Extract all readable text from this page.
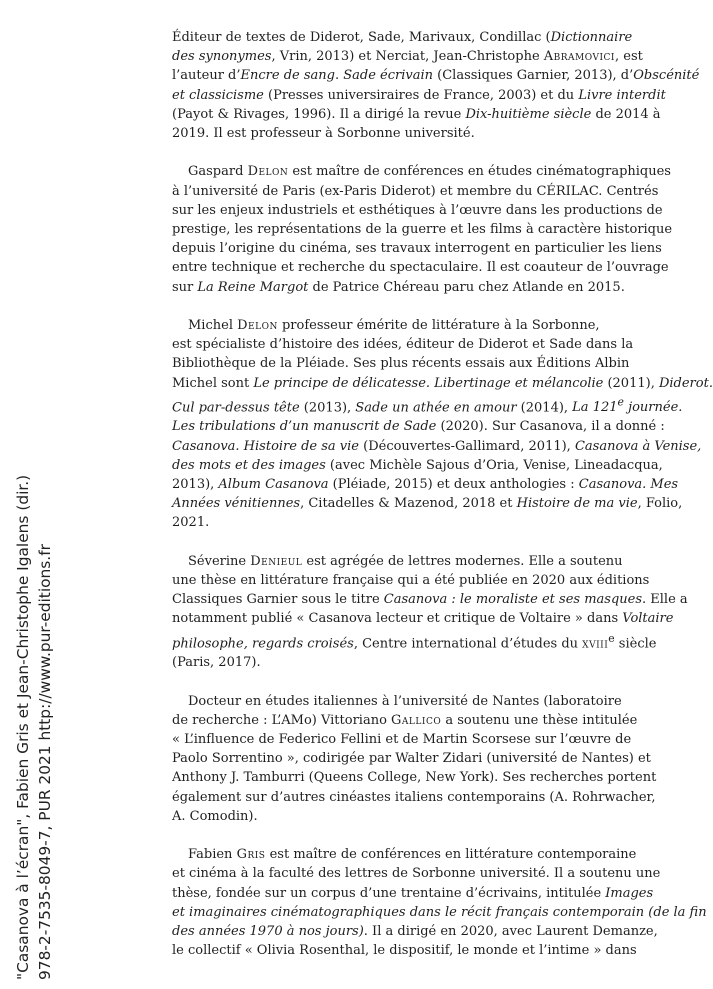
"Casanova à l’écran", Fabien Gris et Jean-Christophe Igalens (dir.) 978-2-7535-8049-7, PUR 2021 http://www.pur-editions.fr
Éditeur de textes de Diderot, Sade, Marivaux, Condillac (Dictionnaire
des synonymes, Vrin, 2013) et Nerciat, Jean-Christophe Abramovici, est
l’auteur d’Encre de sang. Sade écrivain (Classiques Garnier, 2013), d’Obscénité
et classicisme (Presses universiraires de France, 2003) et du Livre interdit
(Payot & Rivages, 1996). Il a dirigé la revue Dix-huitième siècle de 2014 à
2019. Il est professeur à Sorbonne université.
Gaspard Delon est maître de conférences en études cinématographiques
à l’université de Paris (ex-Paris Diderot) et membre du CÉRILAC. Centrés
sur les enjeux industriels et esthétiques à l’œuvre dans les productions de
prestige, les représentations de la guerre et les films à caractère historique
depuis l’origine du cinéma, ses travaux interrogent en particulier les liens
entre technique et recherche du spectaculaire. Il est coauteur de l’ouvrage
sur La Reine Margot de Patrice Chéreau paru chez Atlande en 2015.
Michel Delon professeur émérite de littérature à la Sorbonne,
est spécialiste d’histoire des idées, éditeur de Diderot et Sade dans la
Bibliothèque de la Pléiade. Ses plus récents essais aux Éditions Albin
Michel sont Le principe de délicatesse. Libertinage et mélancolie (2011), Diderot.
Cul par-dessus tête (2013), Sade un athée en amour (2014), La 121e journée.
Les tribulations d’un manuscrit de Sade (2020). Sur Casanova, il a donné :
Casanova. Histoire de sa vie (Découvertes-Gallimard, 2011), Casanova à Venise,
des mots et des images (avec Michèle Sajous d’Oria, Venise, Lineadacqua,
2013), Album Casanova (Pléiade, 2015) et deux anthologies : Casanova. Mes
Années vénitiennes, Citadelles & Mazenod, 2018 et Histoire de ma vie, Folio,
2021.
Séverine Denieul est agrégée de lettres modernes. Elle a soutenu
une thèse en littérature française qui a été publiée en 2020 aux éditions
Classiques Garnier sous le titre Casanova : le moraliste et ses masques. Elle a
notamment publié « Casanova lecteur et critique de Voltaire » dans Voltaire
philosophe, regards croisés, Centre international d’études du xviii$^e$ siècle
(Paris, 2017).
Docteur en études italiennes à l’université de Nantes (laboratoire
de recherche : L’AMo) Vittoriano Gallico a soutenu une thèse intitulée
« L’influence de Federico Fellini et de Martin Scorsese sur l’œuvre de
Paolo Sorrentino », codirigée par Walter Zidari (université de Nantes) et
Anthony J. Tamburri (Queens College, New York). Ses recherches portent
également sur d’autres cinéastes italiens contemporains (A. Rohrwacher,
A. Comodin).
Fabien Gris est maître de conférences en littérature contemporaine
et cinéma à la faculté des lettres de Sorbonne université. Il a soutenu une
thèse, fondée sur un corpus d’une trentaine d’écrivains, intitulée Images
et imaginaires cinématographiques dans le récit français contemporain (de la fin
des années 1970 à nos jours). Il a dirigé en 2020, avec Laurent Demanze,
le collectif « Olivia Rosenthal, le dispositif, le monde et l’intime » dans
